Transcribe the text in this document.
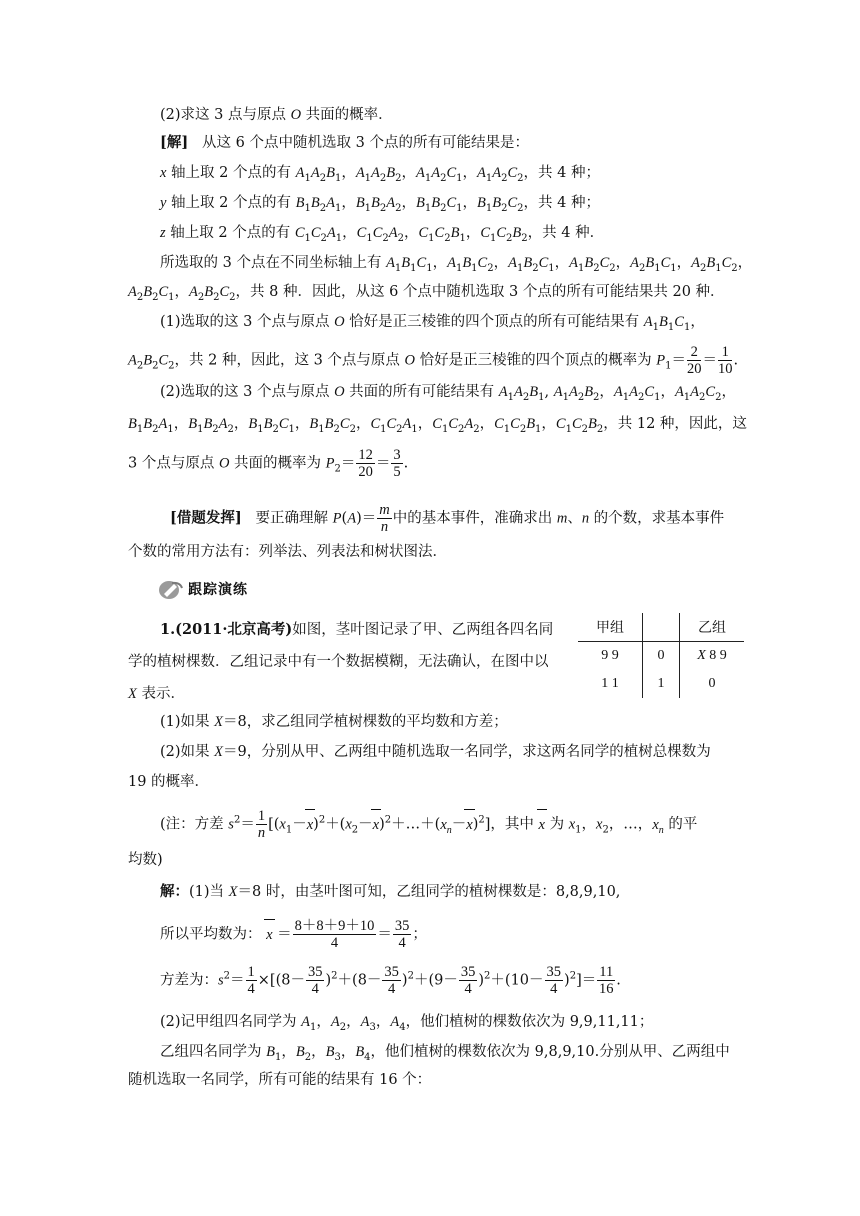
(2)求这 3 点与原点 O 共面的概率．
[解]   从这 6 个点中随机选取 3 个点的所有可能结果是：
x 轴上取 2 个点的有 $A_1A_2B_1$，$A_1A_2B_2$，$A_1A_2C_1$，$A_1A_2C_2$，共 4 种；
y 轴上取 2 个点的有 $B_1B_2A_1$，$B_1B_2A_2$，$B_1B_2C_1$，$B_1B_2C_2$，共 4 种；
z 轴上取 2 个点的有 $C_1C_2A_1$，$C_1C_2A_2$，$C_1C_2B_1$，$C_1C_2B_2$，共 4 种．
所选取的 3 个点在不同坐标轴上有 $A_1B_1C_1$，$A_1B_1C_2$，$A_1B_2C_1$，$A_1B_2C_2$，$A_2B_1C_1$，$A_2B_1C_2$，
$A_2B_2C_1$，$A_2B_2C_2$，共 8 种．因此，从这 6 个点中随机选取 3 个点的所有可能结果共 20 种．
(1)选取的这 3 个点与原点 O 恰好是正三棱锥的四个顶点的所有可能结果有 $A_1B_1C_1$，
$A_2B_2C_2$，共 2 种，因此，这 3 个点与原点 O 恰好是正三棱锥的四个顶点的概率为 $P_1= \frac{2}{20} = \frac{1}{10}$ .
(2)选取的这 3 个点与原点 O 共面的所有可能结果有 $A_1A_2B_1$, $A_1A_2B_2$，$A_1A_2C_1$，$A_1A_2C_2$，
$B_1B_2A_1$，$B_1B_2A_2$，$B_1B_2C_1$，$B_1B_2C_2$，$C_1C_2A_1$，$C_1C_2A_2$，$C_1C_2B_1$，$C_1C_2B_2$，共 12 种，因此，这
3 个点与原点 O 共面的概率为 $P_2= \frac{12}{20} = \frac{3}{5}$ .
[借题发挥]   要正确理解 $P(A)= \frac{m}{n}$ 中的基本事件，准确求出 m、n 的个数，求基本事件
个数的常用方法有：列举法、列表法和树状图法．
跟踪演练
1.(2011·北京高考)如图，茎叶图记录了甲、乙两组各四名同
学的植树棵数．乙组记录中有一个数据模糊，无法确认，在图中以
X 表示．
甲组		乙组
9 9	0	X 8 9
1 1	1	0
(1)如果 X＝8，求乙组同学植树棵数的平均数和方差；
(2)如果 X＝9，分别从甲、乙两组中随机选取一名同学，求这两名同学的植树总棵数为
19 的概率．
(注：方差 $s^2= \frac{1}{n}$ $[(x_1-x)^2+(x_2-x)^2+\dots+(x_n-x)^2]$，其中 x 为 $x_1$，$x_2$，…，$x_n$ 的平
均数)
解：(1)当 X＝8 时，由茎叶图可知，乙组同学的植树棵数是：8,8,9,10,
所以平均数为： $x = \frac{8+8+9+10}{4} = \frac{35}{4}$ ；
方差为：$s^2= \frac{1}{4} \times[(8- \frac{35}{4} )^2+(8- \frac{35}{4} )^2+(9- \frac{35}{4} )^2+(10- \frac{35}{4} )^2]= \frac{11}{16}$ .
(2)记甲组四名同学为 $A_1$，$A_2$，$A_3$，$A_4$，他们植树的棵数依次为 9,9,11,11；
乙组四名同学为 $B_1$，$B_2$，$B_3$，$B_4$，他们植树的棵数依次为 9,8,9,10.分别从甲、乙两组中
随机选取一名同学，所有可能的结果有 16 个：
